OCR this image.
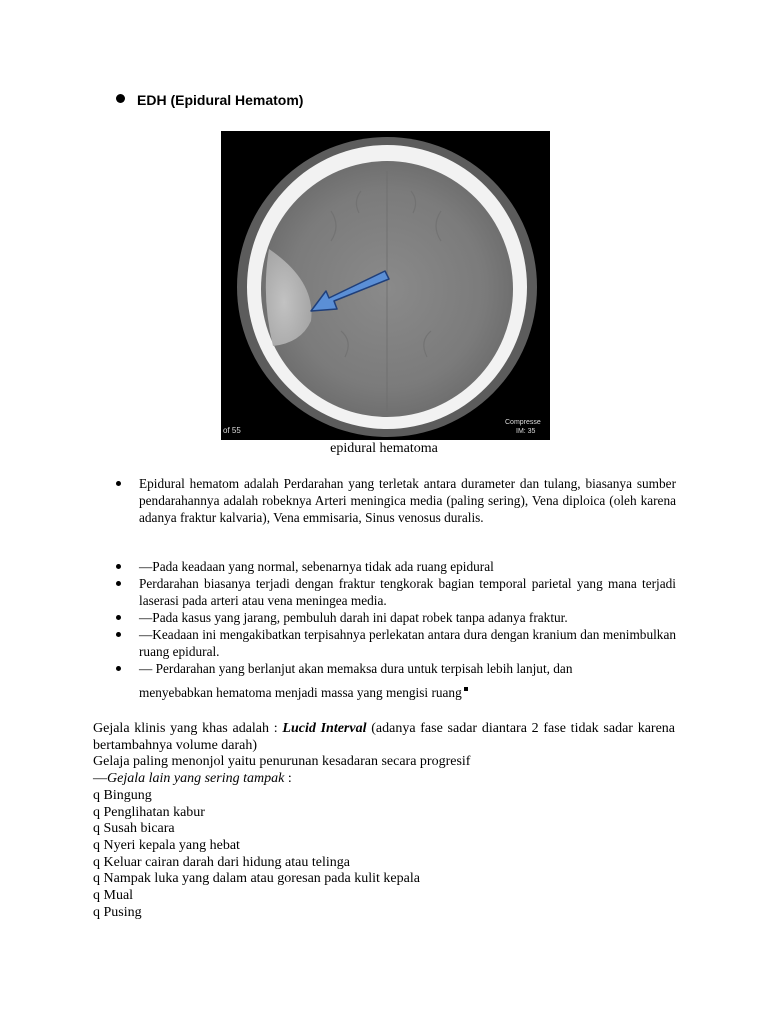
EDH (Epidural Hematom)
of 55
Compresse
IM: 35
epidural hematoma
Epidural hematom adalah Perdarahan yang terletak antara durameter dan tulang, biasanya sumber pendarahannya adalah robeknya Arteri meningica media (paling sering), Vena diploica (oleh karena adanya fraktur kalvaria), Vena emmisaria, Sinus venosus duralis.
—Pada keadaan yang normal, sebenarnya tidak ada ruang epidural
Perdarahan biasanya terjadi dengan fraktur tengkorak bagian temporal parietal yang mana terjadi laserasi pada arteri atau vena meningea media.
—Pada kasus yang jarang, pembuluh darah ini dapat robek tanpa adanya fraktur.
—Keadaan ini mengakibatkan terpisahnya perlekatan antara dura dengan kranium dan menimbulkan ruang epidural.
— Perdarahan yang berlanjut akan memaksa dura untuk terpisah lebih lanjut, dan
menyebabkan hematoma menjadi massa yang mengisi ruang

Gejala klinis yang khas adalah : Lucid Interval (adanya fase sadar diantara 2 fase tidak sadar karena bertambahnya volume darah)

Gelaja paling menonjol yaitu penurunan kesadaran secara progresif

—Gejala lain yang sering tampak :

q Bingung

q Penglihatan kabur

q Susah bicara

q Nyeri kepala yang hebat

q Keluar cairan darah dari hidung atau telinga

q Nampak luka yang dalam atau goresan pada kulit kepala

q Mual

q Pusing
